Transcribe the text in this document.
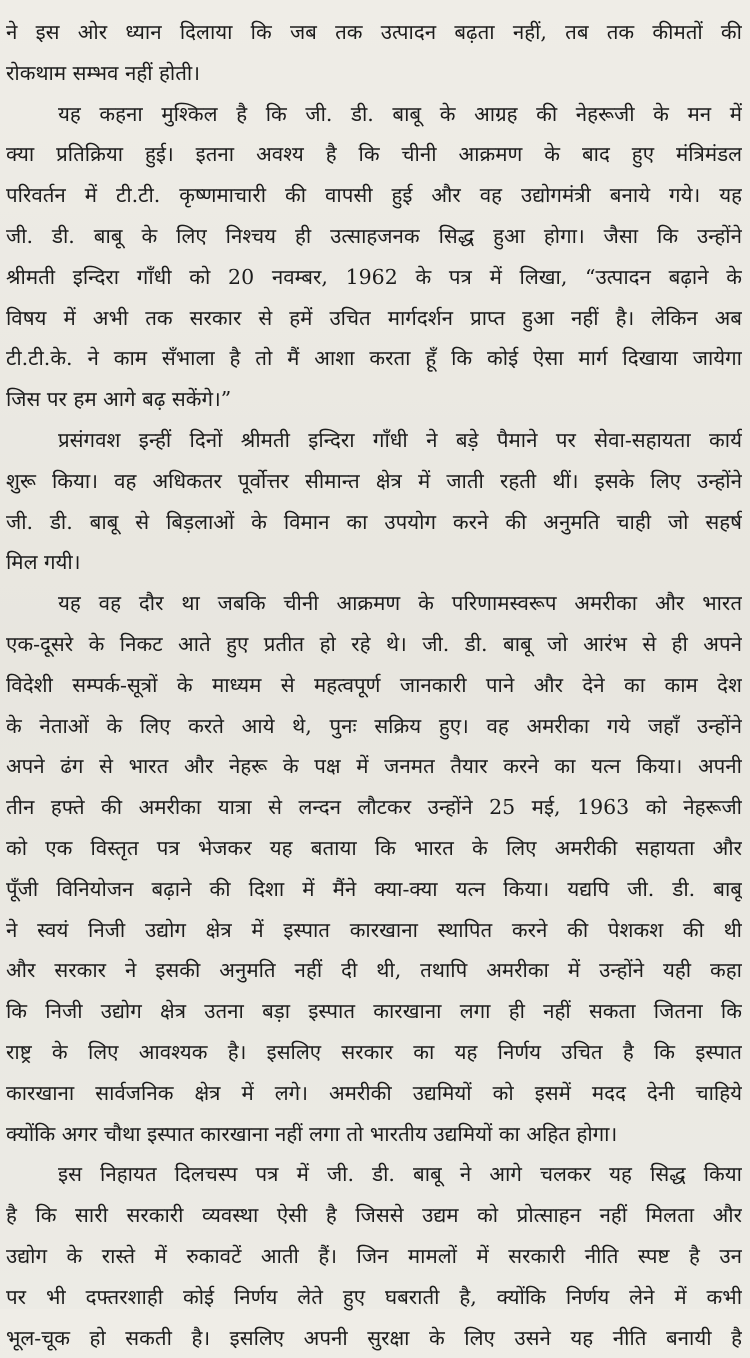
ने इस ओर ध्यान दिलाया कि जब तक उत्पादन बढ़ता नहीं, तब तक कीमतों की
रोकथाम सम्भव नहीं होती।
यह कहना मुश्किल है कि जी. डी. बाबू के आग्रह की नेहरूजी के मन में
क्या प्रतिक्रिया हुई। इतना अवश्य है कि चीनी आक्रमण के बाद हुए मंत्रिमंडल
परिवर्तन में टी.टी. कृष्णमाचारी की वापसी हुई और वह उद्योगमंत्री बनाये गये। यह
जी. डी. बाबू के लिए निश्चय ही उत्साहजनक सिद्ध हुआ होगा। जैसा कि उन्होंने
श्रीमती इन्दिरा गाँधी को 20 नवम्बर, 1962 के पत्र में लिखा, “उत्पादन बढ़ाने के
विषय में अभी तक सरकार से हमें उचित मार्गदर्शन प्राप्त हुआ नहीं है। लेकिन अब
टी.टी.के. ने काम सँभाला है तो मैं आशा करता हूँ कि कोई ऐसा मार्ग दिखाया जायेगा
जिस पर हम आगे बढ़ सकेंगे।”
प्रसंगवश इन्हीं दिनों श्रीमती इन्दिरा गाँधी ने बड़े पैमाने पर सेवा-सहायता कार्य
शुरू किया। वह अधिकतर पूर्वोत्तर सीमान्त क्षेत्र में जाती रहती थीं। इसके लिए उन्होंने
जी. डी. बाबू से बिड़लाओं के विमान का उपयोग करने की अनुमति चाही जो सहर्ष
मिल गयी।
यह वह दौर था जबकि चीनी आक्रमण के परिणामस्वरूप अमरीका और भारत
एक-दूसरे के निकट आते हुए प्रतीत हो रहे थे। जी. डी. बाबू जो आरंभ से ही अपने
विदेशी सम्पर्क-सूत्रों के माध्यम से महत्वपूर्ण जानकारी पाने और देने का काम देश
के नेताओं के लिए करते आये थे, पुनः सक्रिय हुए। वह अमरीका गये जहाँ उन्होंने
अपने ढंग से भारत और नेहरू के पक्ष में जनमत तैयार करने का यत्न किया। अपनी
तीन हफ्ते की अमरीका यात्रा से लन्दन लौटकर उन्होंने 25 मई, 1963 को नेहरूजी
को एक विस्तृत पत्र भेजकर यह बताया कि भारत के लिए अमरीकी सहायता और
पूँजी विनियोजन बढ़ाने की दिशा में मैंने क्या-क्या यत्न किया। यद्यपि जी. डी. बाबू
ने स्वयं निजी उद्योग क्षेत्र में इस्पात कारखाना स्थापित करने की पेशकश की थी
और सरकार ने इसकी अनुमति नहीं दी थी, तथापि अमरीका में उन्होंने यही कहा
कि निजी उद्योग क्षेत्र उतना बड़ा इस्पात कारखाना लगा ही नहीं सकता जितना कि
राष्ट्र के लिए आवश्यक है। इसलिए सरकार का यह निर्णय उचित है कि इस्पात
कारखाना सार्वजनिक क्षेत्र में लगे। अमरीकी उद्यमियों को इसमें मदद देनी चाहिये
क्योंकि अगर चौथा इस्पात कारखाना नहीं लगा तो भारतीय उद्यमियों का अहित होगा।
इस निहायत दिलचस्प पत्र में जी. डी. बाबू ने आगे चलकर यह सिद्ध किया
है कि सारी सरकारी व्यवस्था ऐसी है जिससे उद्यम को प्रोत्साहन नहीं मिलता और
उद्योग के रास्ते में रुकावटें आती हैं। जिन मामलों में सरकारी नीति स्पष्ट है उन
पर भी दफ्तरशाही कोई निर्णय लेते हुए घबराती है, क्योंकि निर्णय लेने में कभी
भूल-चूक हो सकती है। इसलिए अपनी सुरक्षा के लिए उसने यह नीति बनायी है
